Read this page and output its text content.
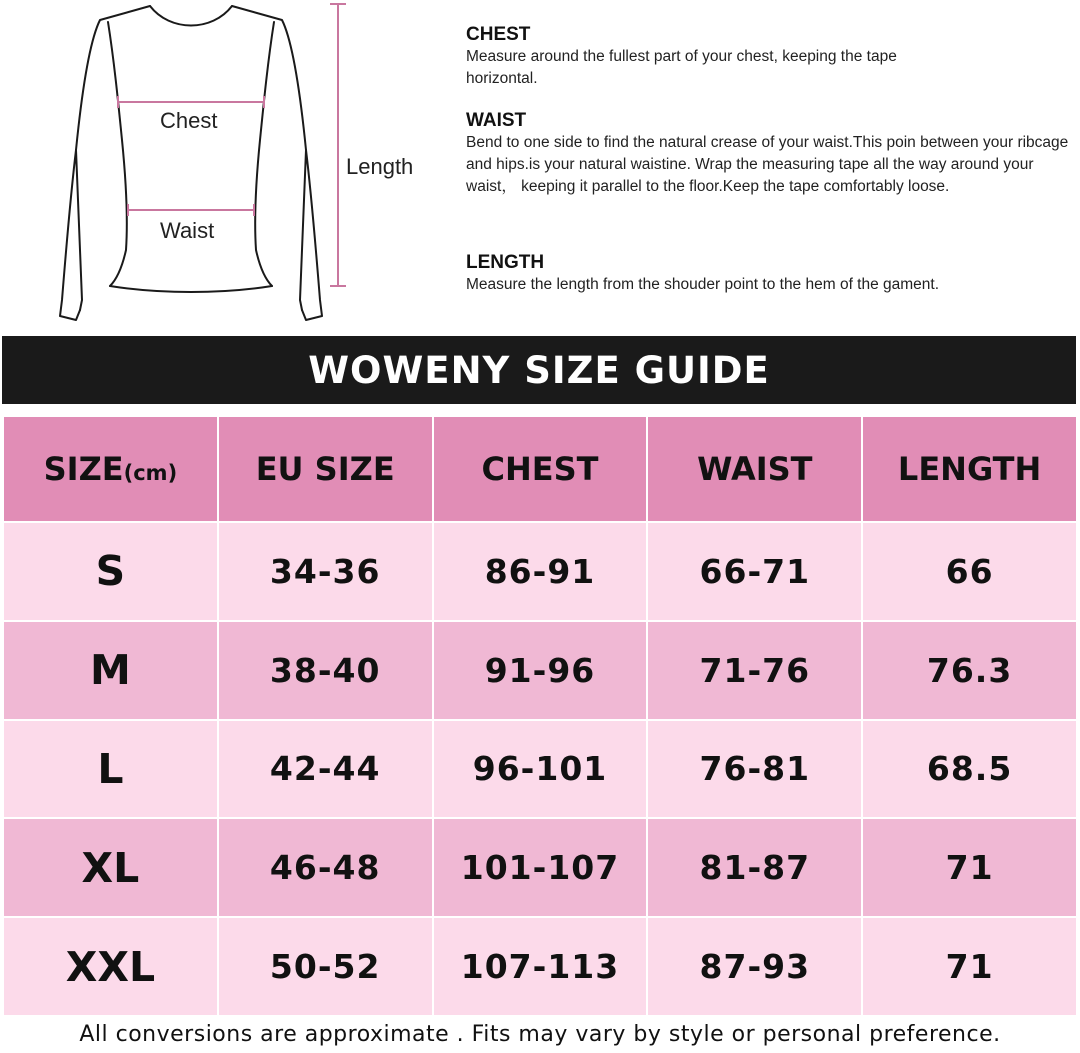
Chest
Waist
Length
CHEST
Measure around the fullest part of your chest, keeping the tape horizontal.
WAIST
Bend to one side to find the natural crease of your waist.This poin between your ribcage and hips.is your natural waistine. Wrap the measuring tape all the way around your waist， keeping it parallel to the floor.Keep the tape comfortably loose.
LENGTH
Measure the length from the shouder point to the hem of the gament.
WOWENY SIZE GUIDE
SIZE(cm)	EU SIZE	CHEST	WAIST	LENGTH
S	34-36	86-91	66-71	66
M	38-40	91-96	71-76	76.3
L	42-44	96-101	76-81	68.5
XL	46-48	101-107	81-87	71
XXL	50-52	107-113	87-93	71
All conversions are approximate . Fits may vary by style or personal preference.
